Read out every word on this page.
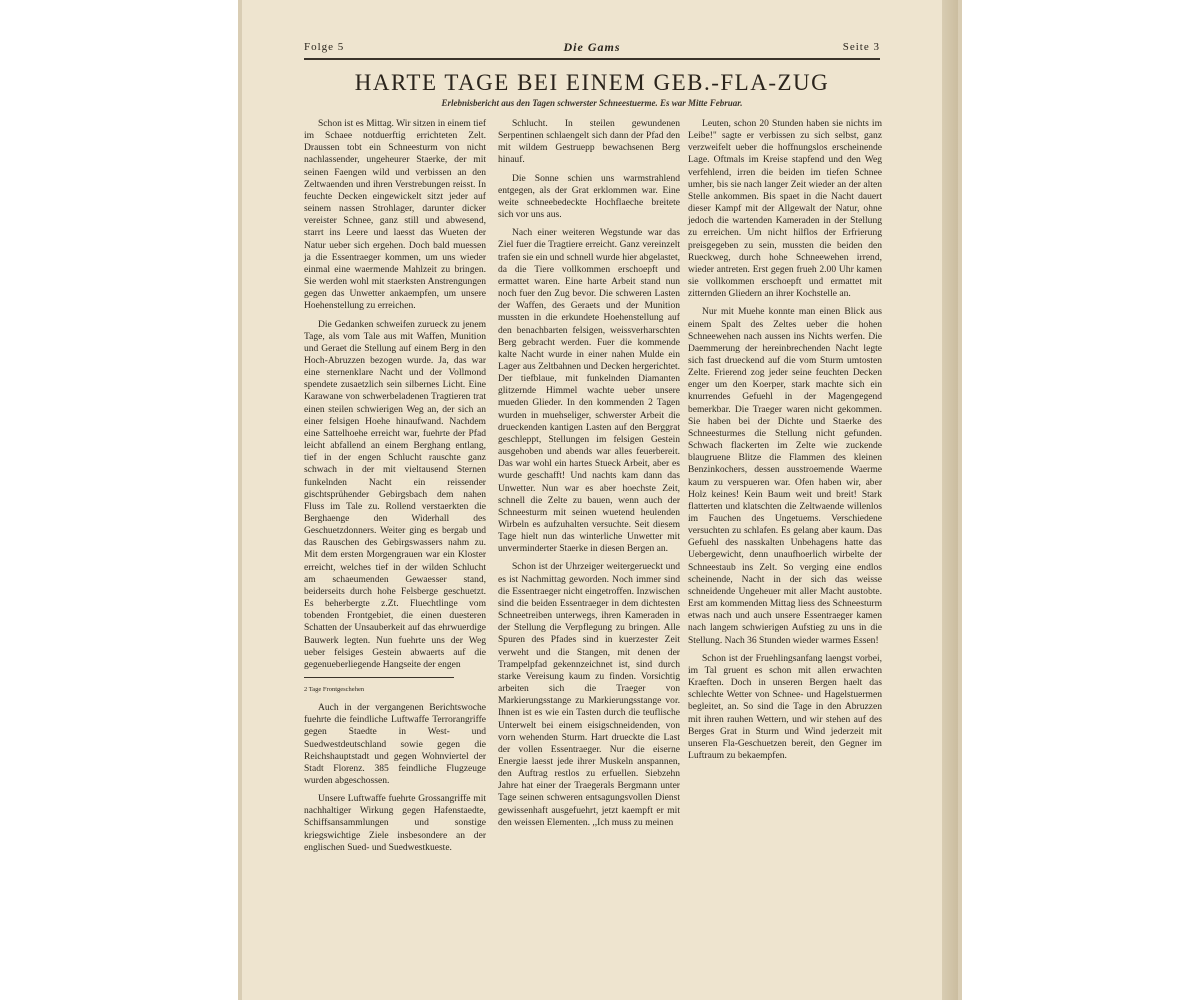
Folge 5	Die Gams	Seite 3
HARTE TAGE BEI EINEM GEB.-FLA-ZUG
Erlebnisbericht aus den Tagen schwerster Schneestuerme. Es war Mitte Februar.

Schon ist es Mittag. Wir sitzen in einem tief im Schaee notduerftig errichteten Zelt. Draussen tobt ein Schneesturm von nicht nachlassender, ungeheurer Staerke, der mit seinen Faengen wild und verbissen an den Zeltwaenden und ihren Verstrebungen reisst. In feuchte Decken eingewickelt sitzt jeder auf seinem nassen Strohlager, darunter dicker vereister Schnee, ganz still und abwesend, starrt ins Leere und laesst das Wueten der Natur ueber sich ergehen. Doch bald muessen ja die Essentraeger kommen, um uns wieder einmal eine waermende Mahlzeit zu bringen. Sie werden wohl mit staerksten Anstrengungen gegen das Unwetter ankaempfen, um unsere Hoehenstellung zu erreichen.

Die Gedanken schweifen zurueck zu jenem Tage, als vom Tale aus mit Waffen, Munition und Geraet die Stellung auf einem Berg in den Hoch-Abruzzen bezogen wurde. Ja, das war eine sternenklare Nacht und der Vollmond spendete zusaetzlich sein silbernes Licht. Eine Karawane von schwerbeladenen Tragtieren trat einen steilen schwierigen Weg an, der sich an einer felsigen Hoehe hinaufwand. Nachdem eine Sattelhoehe erreicht war, fuehrte der Pfad leicht abfallend an einem Berghang entlang, tief in der engen Schlucht rauschte ganz schwach in der mit vieltausend Sternen funkelnden Nacht ein reissender gischtsprühender Gebirgsbach dem nahen Fluss im Tale zu. Rollend verstaerkten die Berghaenge den Widerhall des Geschuetzdonners. Weiter ging es bergab und das Rauschen des Gebirgswassers nahm zu. Mit dem ersten Morgengrauen war ein Kloster erreicht, welches tief in der wilden Schlucht am schaeumenden Gewaesser stand, beiderseits durch hohe Felsberge geschuetzt. Es beherbergte z.Zt. Fluechtlinge vom tobenden Frontgebiet, die einen duesteren Schatten der Unsauberkeit auf das ehrwuerdige Bauwerk legten. Nun fuehrte uns der Weg ueber felsiges Gestein abwaerts auf die gegenueberliegende Hangseite der engen

2 Tage Frontgeschehen

Auch in der vergangenen Berichtswoche fuehrte die feindliche Luftwaffe Terrorangriffe gegen Staedte in West- und Suedwestdeutschland sowie gegen die Reichshauptstadt und gegen Wohnviertel der Stadt Florenz. 385 feindliche Flugzeuge wurden abgeschossen.

Unsere Luftwaffe fuehrte Grossangriffe mit nachhaltiger Wirkung gegen Hafenstaedte, Schiffsansammlungen und sonstige kriegswichtige Ziele insbesondere an der englischen Sued- und Suedwestkueste.

Schlucht. In steilen gewundenen Serpentinen schlaengelt sich dann der Pfad den mit wildem Gestruepp bewachsenen Berg hinauf.

Die Sonne schien uns warmstrahlend entgegen, als der Grat erklommen war. Eine weite schneebedeckte Hochflaeche breitete sich vor uns aus.

Nach einer weiteren Wegstunde war das Ziel fuer die Tragtiere erreicht. Ganz vereinzelt trafen sie ein und schnell wurde hier abgelastet, da die Tiere vollkommen erschoepft und ermattet waren. Eine harte Arbeit stand nun noch fuer den Zug bevor. Die schweren Lasten der Waffen, des Geraets und der Munition mussten in die erkundete Hoehenstellung auf den benachbarten felsigen, weissverharschten Berg gebracht werden. Fuer die kommende kalte Nacht wurde in einer nahen Mulde ein Lager aus Zeltbahnen und Decken hergerichtet. Der tiefblaue, mit funkelnden Diamanten glitzernde Himmel wachte ueber unsere mueden Glieder. In den kommenden 2 Tagen wurden in muehseliger, schwerster Arbeit die drueckenden kantigen Lasten auf den Berggrat geschleppt, Stellungen im felsigen Gestein ausgehoben und abends war alles feuerbereit. Das war wohl ein hartes Stueck Arbeit, aber es wurde geschafft! Und nachts kam dann das Unwetter. Nun war es aber hoechste Zeit, schnell die Zelte zu bauen, wenn auch der Schneesturm mit seinen wuetend heulenden Wirbeln es aufzuhalten versuchte. Seit diesem Tage hielt nun das winterliche Unwetter mit unverminderter Staerke in diesen Bergen an.

Schon ist der Uhrzeiger weitergerueckt und es ist Nachmittag geworden. Noch immer sind die Essentraeger nicht eingetroffen. Inzwischen sind die beiden Essentraeger in dem dichtesten Schneetreiben unterwegs, ihren Kameraden in der Stellung die Verpflegung zu bringen. Alle Spuren des Pfades sind in kuerzester Zeit verweht und die Stangen, mit denen der Trampelpfad gekennzeichnet ist, sind durch starke Vereisung kaum zu finden. Vorsichtig arbeiten sich die Traeger von Markierungsstange zu Markierungsstange vor. Ihnen ist es wie ein Tasten durch die teuflische Unterwelt bei einem eisigschneidenden, von vorn wehenden Sturm. Hart drueckte die Last der vollen Essentraeger. Nur die eiserne Energie laesst jede ihrer Muskeln anspannen, den Auftrag restlos zu erfuellen. Siebzehn Jahre hat einer der Traegerals Bergmann unter Tage seinen schweren entsagungsvollen Dienst gewissenhaft ausgefuehrt, jetzt kaempft er mit den weissen Elementen. ,,Ich muss zu meinen

Leuten, schon 20 Stunden haben sie nichts im Leibe!" sagte er verbissen zu sich selbst, ganz verzweifelt ueber die hoffnungslos erscheinende Lage. Oftmals im Kreise stapfend und den Weg verfehlend, irren die beiden im tiefen Schnee umher, bis sie nach langer Zeit wieder an der alten Stelle ankommen. Bis spaet in die Nacht dauert dieser Kampf mit der Allgewalt der Natur, ohne jedoch die wartenden Kameraden in der Stellung zu erreichen. Um nicht hilflos der Erfrierung preisgegeben zu sein, mussten die beiden den Rueckweg, durch hohe Schneewehen irrend, wieder antreten. Erst gegen frueh 2.00 Uhr kamen sie vollkommen erschoepft und ermattet mit zitternden Gliedern an ihrer Kochstelle an.

Nur mit Muehe konnte man einen Blick aus einem Spalt des Zeltes ueber die hohen Schneewehen nach aussen ins Nichts werfen. Die Daemmerung der hereinbrechenden Nacht legte sich fast drueckend auf die vom Sturm umtosten Zelte. Frierend zog jeder seine feuchten Decken enger um den Koerper, stark machte sich ein knurrendes Gefuehl in der Magengegend bemerkbar. Die Traeger waren nicht gekommen. Sie haben bei der Dichte und Staerke des Schneesturmes die Stellung nicht gefunden. Schwach flackerten im Zelte wie zuckende blaugruene Blitze die Flammen des kleinen Benzinkochers, dessen ausstroemende Waerme kaum zu verspueren war. Ofen haben wir, aber Holz keines! Kein Baum weit und breit! Stark flatterten und klatschten die Zeltwaende willenlos im Fauchen des Ungetuems. Verschiedene versuchten zu schlafen. Es gelang aber kaum. Das Gefuehl des nasskalten Unbehagens hatte das Uebergewicht, denn unaufhoerlich wirbelte der Schneestaub ins Zelt. So verging eine endlos scheinende, Nacht in der sich das weisse schneidende Ungeheuer mit aller Macht austobte. Erst am kommenden Mittag liess des Schneesturm etwas nach und auch unsere Essentraeger kamen nach langem schwierigen Aufstieg zu uns in die Stellung. Nach 36 Stunden wieder warmes Essen!

Schon ist der Fruehlingsanfang laengst vorbei, im Tal gruent es schon mit allen erwachten Kraeften. Doch in unseren Bergen haelt das schlechte Wetter von Schnee- und Hagelstuermen begleitet, an. So sind die Tage in den Abruzzen mit ihren rauhen Wettern, und wir stehen auf des Berges Grat in Sturm und Wind jederzeit mit unseren Fla-Geschuetzen bereit, den Gegner im Luftraum zu bekaempfen.
